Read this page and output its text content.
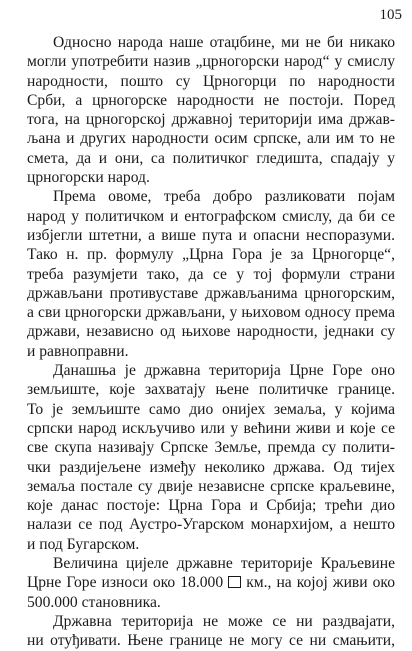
105
Односно народа наше отаџбине, ми не би никако
могли употребити назив „црногорски народ“ у смислу
народности, пошто су Црногорци по народности
Срби, а црногорске народности не постоји. Поред
тога, на црногорској државној територији има држав-
љана и других народности осим српске, али им то не
смета, да и они, са политичког гледишта, спадају у
црногорски народ.
Према овоме, треба добро разликовати појам
народ у политичком и ентографском смислу, да би се
избјегли штетни, а више пута и опасни неспоразуми.
Тако н. пр. формулу „Црна Гора је за Црногорце“,
треба разумјети тако, да се у тој формули страни
држављани противуставе држављанима црногорским,
а сви црногорски држављани, у њиховом односу према
држави, независно од њихове народности, једнаки су
и равноправни.
Данашња је државна територија Црне Горе оно
земљиште, које захватају њене политичке границе.
То је земљиште само дио онијех земаља, у којима
српски народ искључиво или у већини живи и које се
све скупа називају Српске Земље, премда су полити-
чки раздијељене између неколико држава. Од тијех
земаља постале су двије независне српске краљевине,
које данас постоје: Црна Гора и Србија; трећи дио
налази се под Аустро-Угарском монархијом, а нешто
и под Бугарском.
Величина цијеле државне територије Краљевине
Црне Горе износи око 18.000 км., на којој живи око
500.000 становника.
Државна територија не може се ни раздвајати,
ни отуђивати. Њене границе не могу се ни смањити,
